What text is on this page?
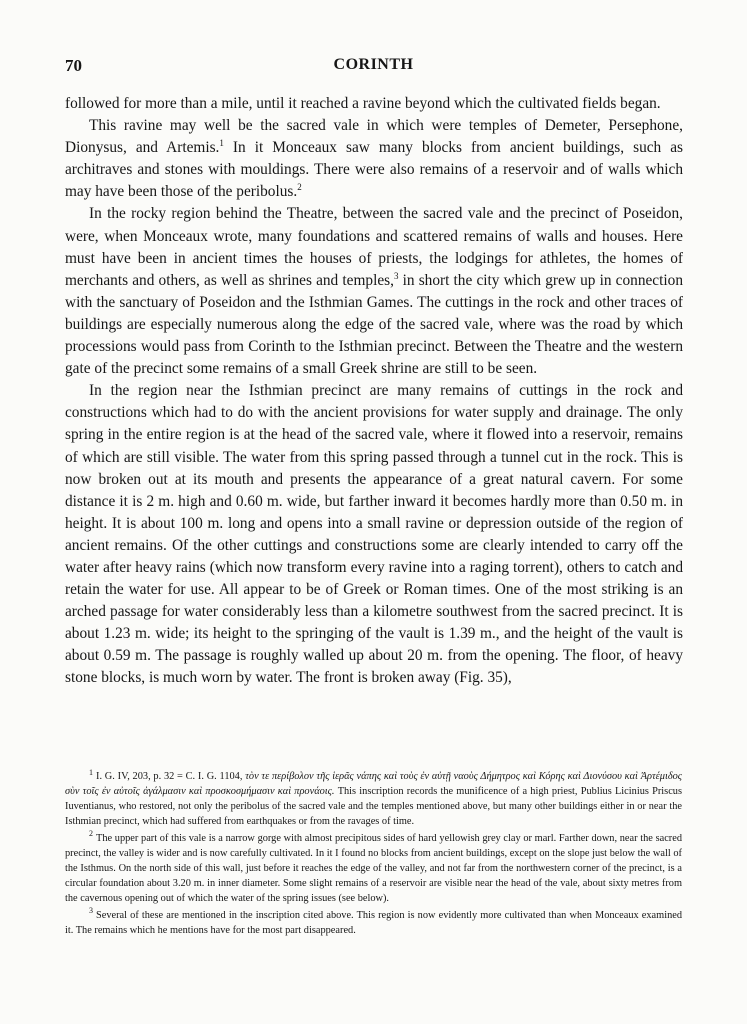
70	CORINTH

followed for more than a mile, until it reached a ravine beyond which the cultivated fields began.

This ravine may well be the sacred vale in which were temples of Demeter, Persephone, Dionysus, and Artemis.$^1$ In it Monceaux saw many blocks from ancient buildings, such as architraves and stones with mouldings. There were also remains of a reservoir and of walls which may have been those of the peribolus.$^2$

In the rocky region behind the Theatre, between the sacred vale and the precinct of Poseidon, were, when Monceaux wrote, many foundations and scattered remains of walls and houses. Here must have been in ancient times the houses of priests, the lodgings for athletes, the homes of merchants and others, as well as shrines and temples,$^3$ in short the city which grew up in connection with the sanctuary of Poseidon and the Isthmian Games. The cuttings in the rock and other traces of buildings are especially numerous along the edge of the sacred vale, where was the road by which processions would pass from Corinth to the Isthmian precinct. Between the Theatre and the western gate of the precinct some remains of a small Greek shrine are still to be seen.

In the region near the Isthmian precinct are many remains of cuttings in the rock and constructions which had to do with the ancient provisions for water supply and drainage. The only spring in the entire region is at the head of the sacred vale, where it flowed into a reservoir, remains of which are still visible. The water from this spring passed through a tunnel cut in the rock. This is now broken out at its mouth and presents the appearance of a great natural cavern. For some distance it is 2 m. high and 0.60 m. wide, but farther inward it becomes hardly more than 0.50 m. in height. It is about 100 m. long and opens into a small ravine or depression outside of the region of ancient remains. Of the other cuttings and constructions some are clearly intended to carry off the water after heavy rains (which now transform every ravine into a raging torrent), others to catch and retain the water for use. All appear to be of Greek or Roman times. One of the most striking is an arched passage for water considerably less than a kilometre southwest from the sacred precinct. It is about 1.23 m. wide; its height to the springing of the vault is 1.39 m., and the height of the vault is about 0.59 m. The passage is roughly walled up about 20 m. from the opening. The floor, of heavy stone blocks, is much worn by water. The front is broken away (Fig. 35),

$^1$ I. G. IV, 203, p. 32 = C. I. G. 1104, τὸν τε περίβολον τῆς ἱερᾶς νάπης καὶ τοὺς ἐν αὐτῇ ναοὺς Δήμητρος καὶ Κόρης καὶ Διονύσου καὶ Ἀρτέμιδος σὺν τοῖς ἐν αὐτοῖς ἀγάλμασιν καὶ προσκοσμήμασιν καὶ προνάοις. This inscription records the munificence of a high priest, Publius Licinius Priscus Iuventianus, who restored, not only the peribolus of the sacred vale and the temples mentioned above, but many other buildings either in or near the Isthmian precinct, which had suffered from earthquakes or from the ravages of time.

$^2$ The upper part of this vale is a narrow gorge with almost precipitous sides of hard yellowish grey clay or marl. Farther down, near the sacred precinct, the valley is wider and is now carefully cultivated. In it I found no blocks from ancient buildings, except on the slope just below the wall of the Isthmus. On the north side of this wall, just before it reaches the edge of the valley, and not far from the northwestern corner of the precinct, is a circular foundation about 3.20 m. in inner diameter. Some slight remains of a reservoir are visible near the head of the vale, about sixty metres from the cavernous opening out of which the water of the spring issues (see below).

$^3$ Several of these are mentioned in the inscription cited above. This region is now evidently more cultivated than when Monceaux examined it. The remains which he mentions have for the most part disappeared.
